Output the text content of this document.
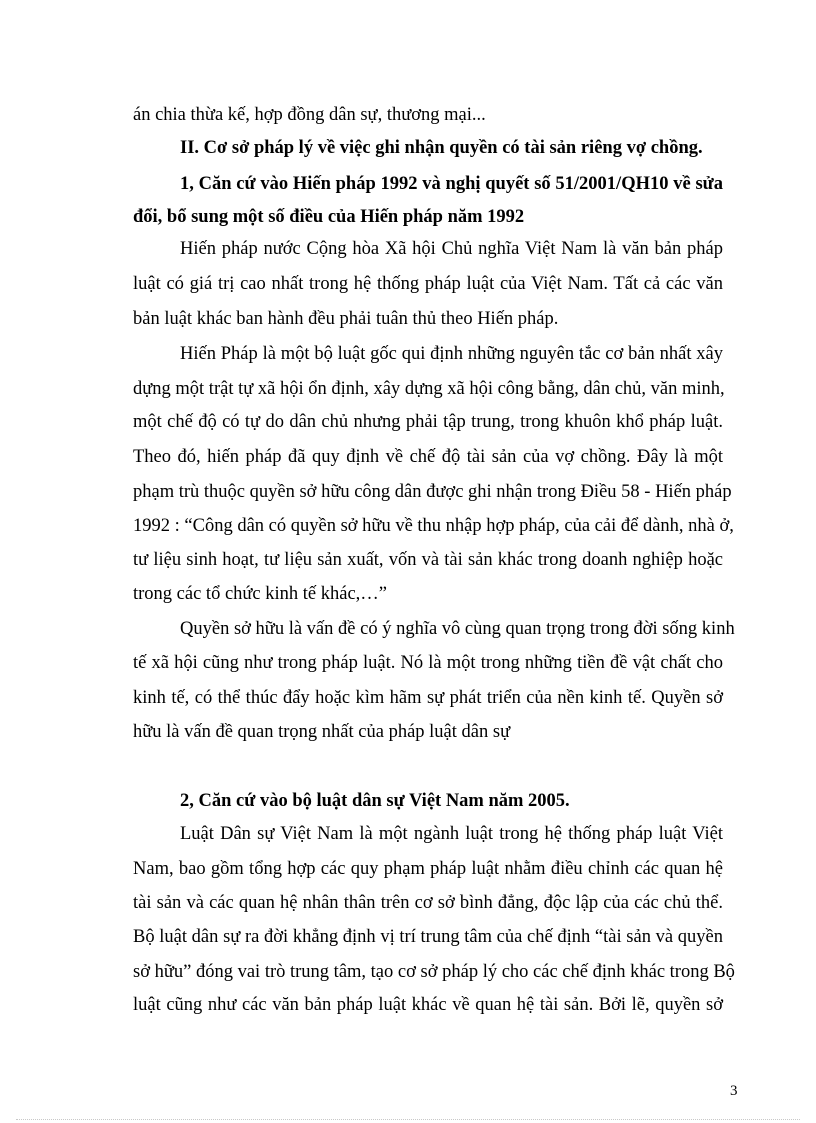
án chia thừa kế, hợp đồng dân sự, thương mại...
II. Cơ sở pháp lý về việc ghi nhận quyền có tài sản riêng vợ chồng.
1, Căn cứ vào Hiến pháp 1992 và nghị quyết số 51/2001/QH10 về sửa
đổi, bổ sung một số điều của Hiến pháp năm 1992
Hiến pháp nước Cộng hòa Xã hội Chủ nghĩa Việt Nam là văn bản pháp
luật có giá trị cao nhất trong hệ thống pháp luật của Việt Nam. Tất cả các văn
bản luật khác ban hành đều phải tuân thủ theo Hiến pháp.
Hiến Pháp là một bộ luật gốc qui định những nguyên tắc cơ bản nhất xây
dựng một trật tự xã hội ổn định, xây dựng xã hội công bằng, dân chủ, văn minh,
một chế độ có tự do dân chủ nhưng phải tập trung, trong khuôn khổ pháp luật.
Theo đó, hiến pháp đã quy định về chế độ tài sản của vợ chồng. Đây là một
phạm trù thuộc quyền sở hữu công dân được ghi nhận trong Điều 58 - Hiến pháp
1992 : “Công dân có quyền sở hữu về thu nhập hợp pháp, của cải để dành, nhà ở,
tư liệu sinh hoạt, tư liệu sản xuất, vốn và tài sản khác trong doanh nghiệp hoặc
trong các tổ chức kinh tế khác,…”
Quyền sở hữu là vấn đề có ý nghĩa vô cùng quan trọng trong đời sống kinh
tế xã hội cũng như trong pháp luật. Nó là một trong những tiền đề vật chất cho
kinh tế, có thể thúc đẩy hoặc kìm hãm sự phát triển của nền kinh tế. Quyền sở
hữu là vấn đề quan trọng nhất của pháp luật dân sự
2, Căn cứ vào bộ luật dân sự Việt Nam năm 2005.
Luật Dân sự Việt Nam là một ngành luật trong hệ thống pháp luật Việt
Nam, bao gồm tổng hợp các quy phạm pháp luật nhằm điều chỉnh các quan hệ
tài sản và các quan hệ nhân thân trên cơ sở bình đẳng, độc lập của các chủ thể.
Bộ luật dân sự ra đời khẳng định vị trí trung tâm của chế định “tài sản và quyền
sở hữu” đóng vai trò trung tâm, tạo cơ sở pháp lý cho các chế định khác trong Bộ
luật cũng như các văn bản pháp luật khác về quan hệ tài sản. Bởi lẽ, quyền sở
3
